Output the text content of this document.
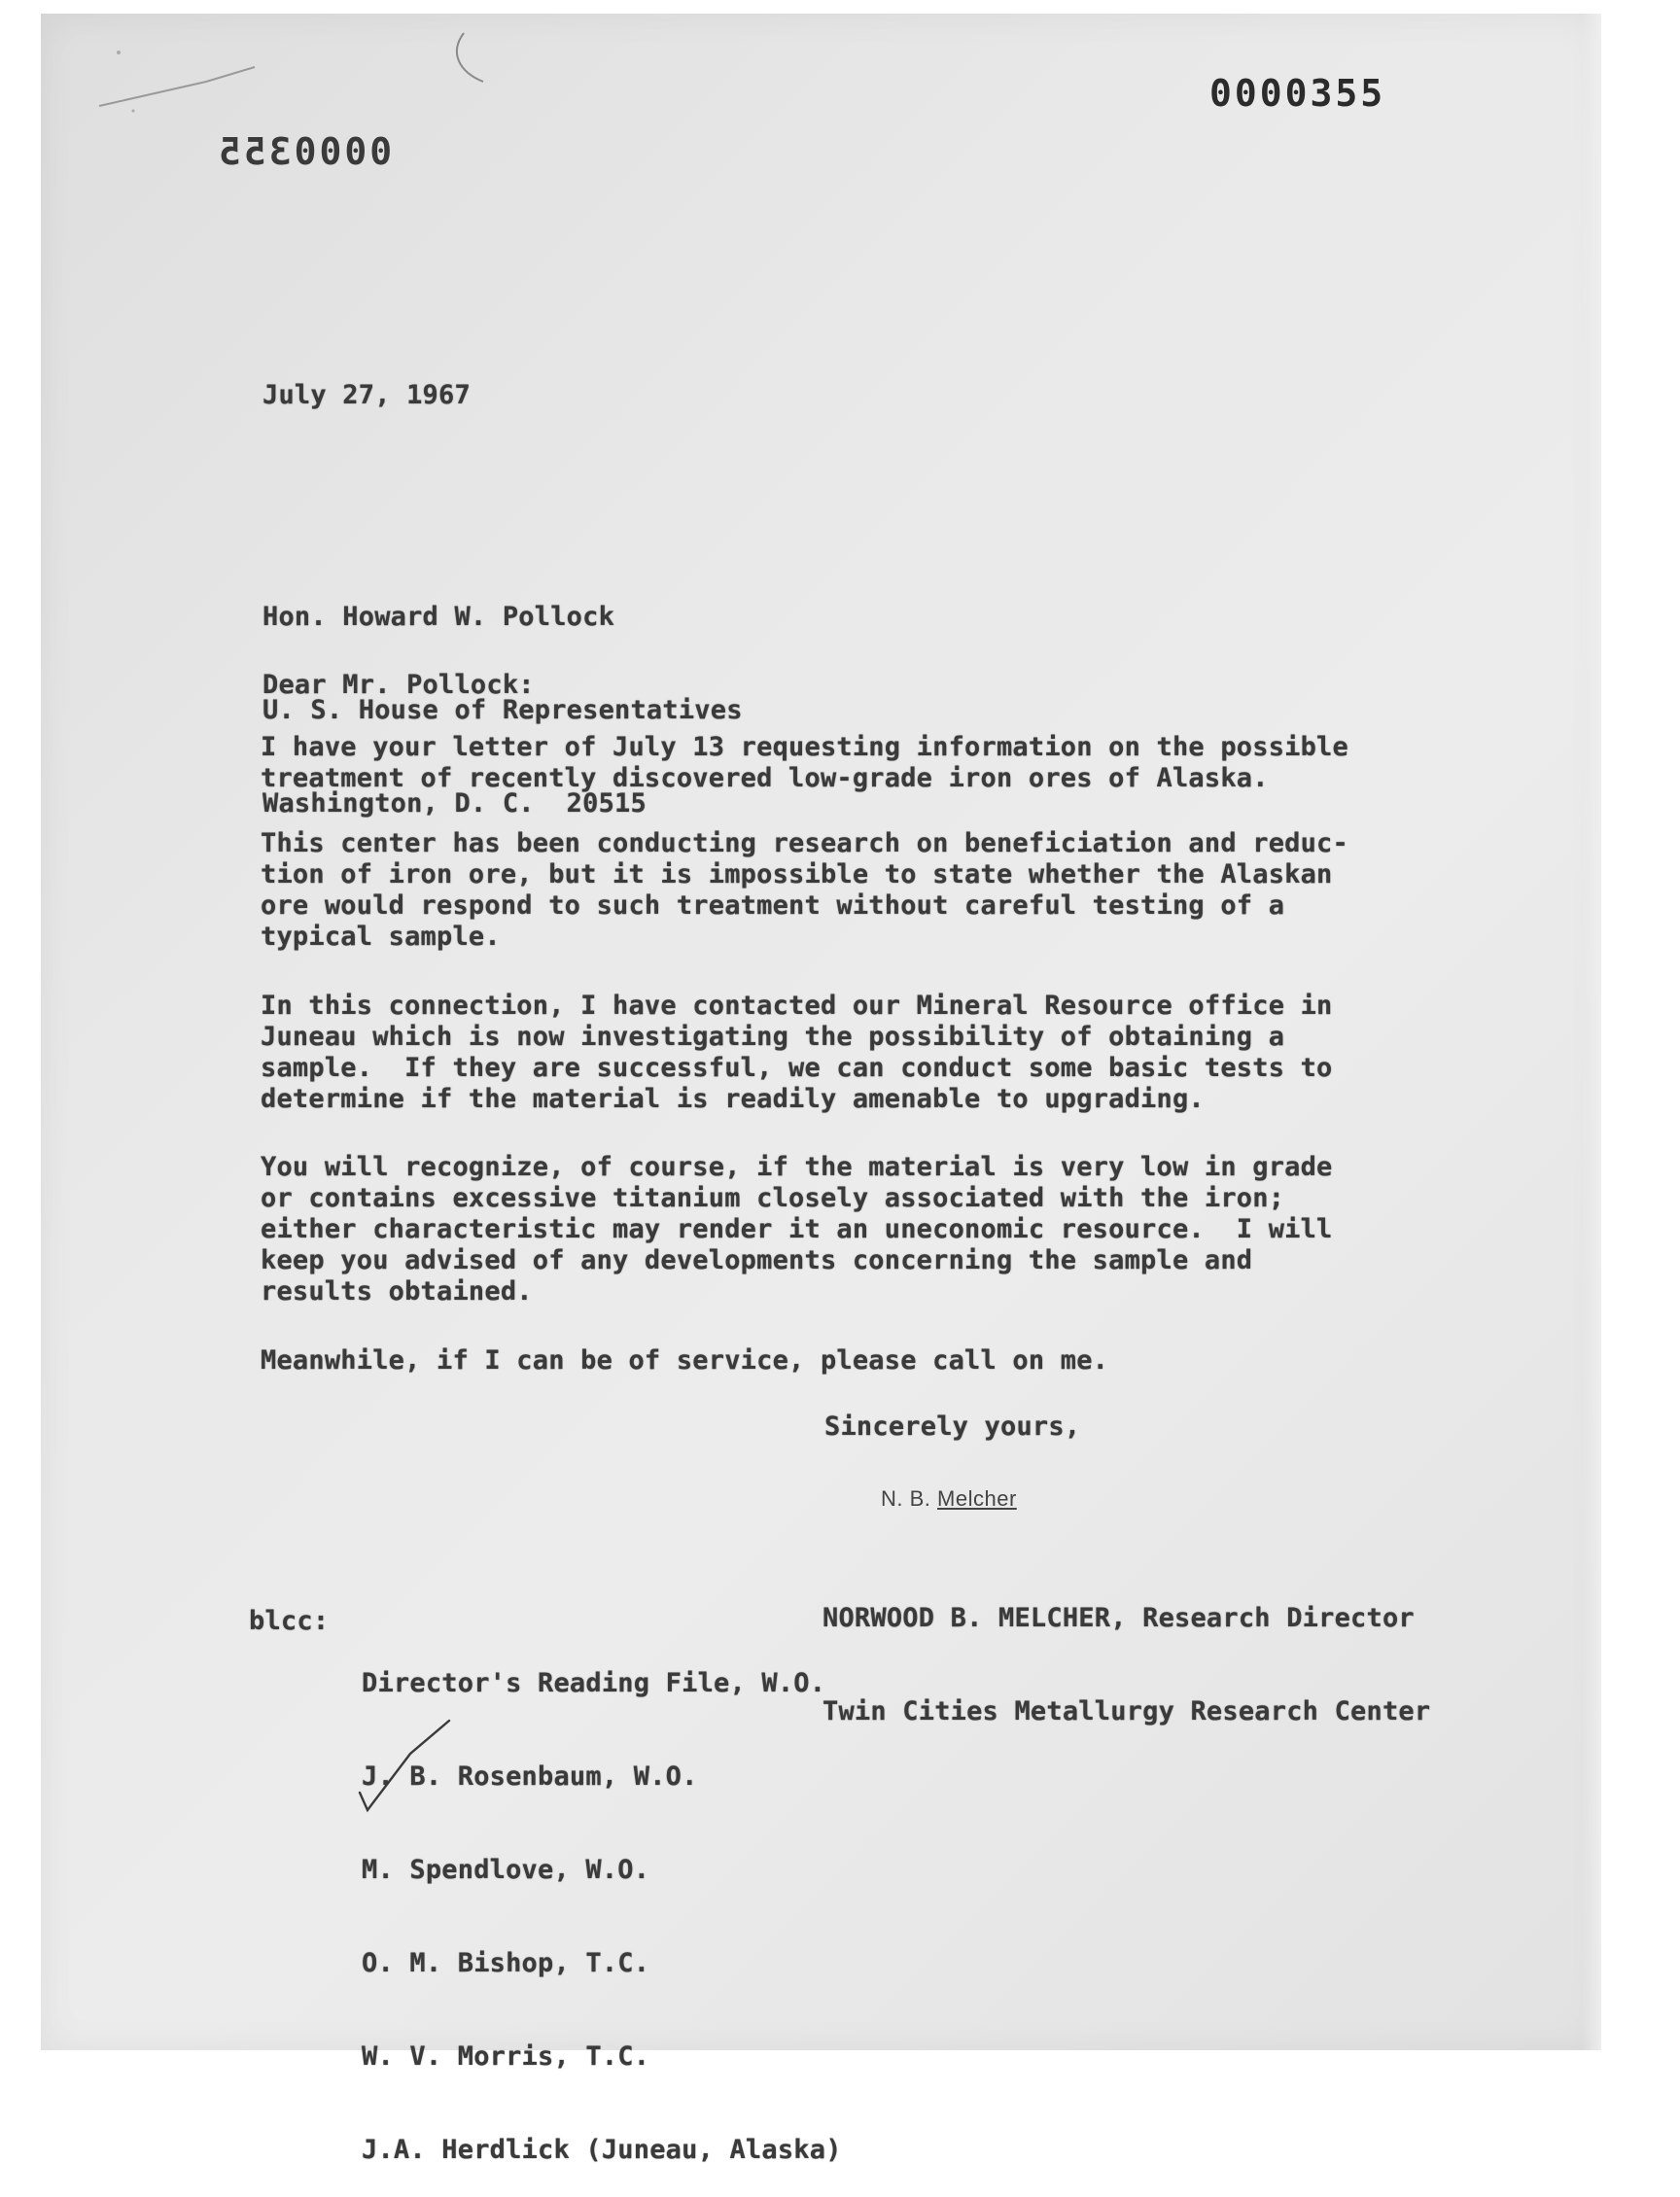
0000355
0000355
July 27, 1967

Hon. Howard W. Pollock

U. S. House of Representatives

Washington, D. C.  20515

Dear Mr. Pollock:
I have your letter of July 13 requesting information on the possible
treatment of recently discovered low-grade iron ores of Alaska.
This center has been conducting research on beneficiation and reduc-
tion of iron ore, but it is impossible to state whether the Alaskan
ore would respond to such treatment without careful testing of a
typical sample.
In this connection, I have contacted our Mineral Resource office in
Juneau which is now investigating the possibility of obtaining a
sample.  If they are successful, we can conduct some basic tests to
determine if the material is readily amenable to upgrading.
You will recognize, of course, if the material is very low in grade
or contains excessive titanium closely associated with the iron;
either characteristic may render it an uneconomic resource.  I will
keep you advised of any developments concerning the sample and
results obtained.
Meanwhile, if I can be of service, please call on me.
Sincerely yours,
N. B. Melcher

NORWOOD B. MELCHER, Research Director

Twin Cities Metallurgy Research Center

blcc:

Director's Reading File, W.O.

J. B. Rosenbaum, W.O.

M. Spendlove, W.O.

O. M. Bishop, T.C.

W. V. Morris, T.C.

J.A. Herdlick (Juneau, Alaska)
